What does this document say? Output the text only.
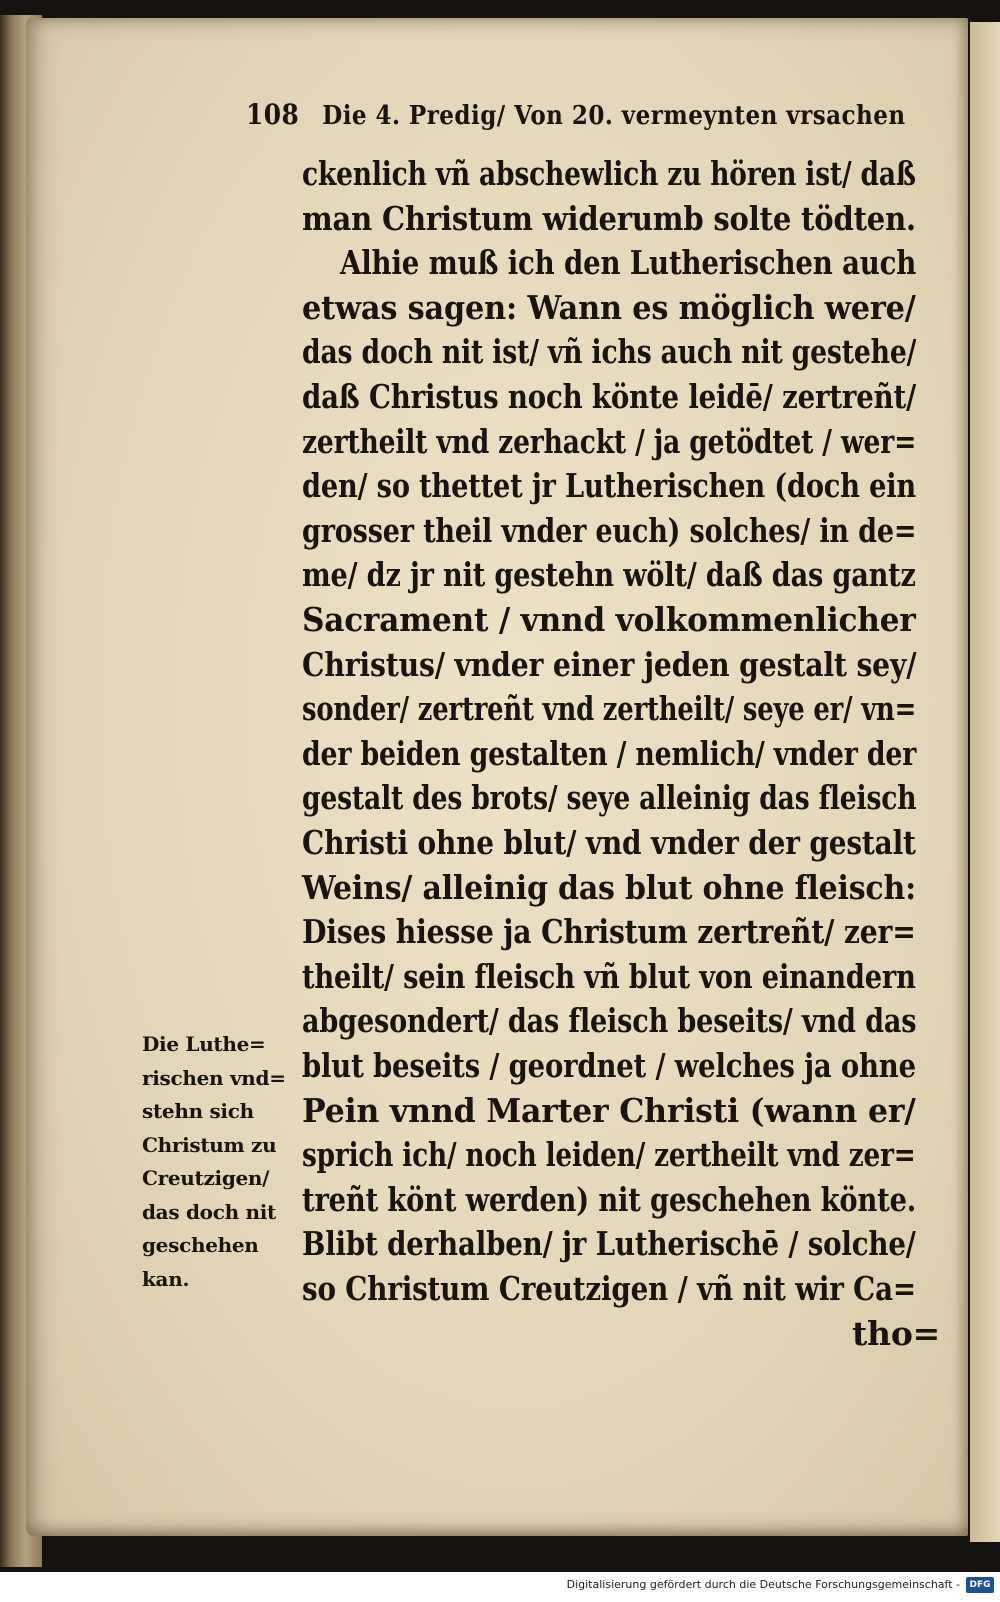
108 Die 4. Predig/ Von 20. vermeynten vrsachen
ckenlich vñ abschewlich zu hören ist/ daß
man Christum widerumb solte tödten.
Alhie muß ich den Lutherischen auch
etwas sagen: Wann es möglich were/
das doch nit ist/ vñ ichs auch nit gestehe/
daß Christus noch könte leidē/ zertreñt/
zertheilt vnd zerhackt / ja getödtet / wer=
den/ so thettet jr Lutherischen (doch ein
grosser theil vnder euch) solches/ in de=
me/ dz jr nit gestehn wölt/ daß das gantz
Sacrament / vnnd volkommenlicher
Christus/ vnder einer jeden gestalt sey/
sonder/ zertreñt vnd zertheilt/ seye er/ vn=
der beiden gestalten / nemlich/ vnder der
gestalt des brots/ seye alleinig das fleisch
Christi ohne blut/ vnd vnder der gestalt
Weins/ alleinig das blut ohne fleisch:
Dises hiesse ja Christum zertreñt/ zer=
theilt/ sein fleisch vñ blut von einandern
abgesondert/ das fleisch beseits/ vnd das
blut beseits / geordnet / welches ja ohne
Pein vnnd Marter Christi (wann er/
sprich ich/ noch leiden/ zertheilt vnd zer=
treñt könt werden) nit geschehen könte.
Blibt derhalben/ jr Lutherischē / solche/
so Christum Creutzigen / vñ nit wir Ca=
tho=
Die Luthe=
rischen vnd=
stehn sich
Christum zu
Creutzigen/
das doch nit
geschehen
kan.
Digitalisierung gefördert durch die Deutsche Forschungsgemeinschaft -	DFG
